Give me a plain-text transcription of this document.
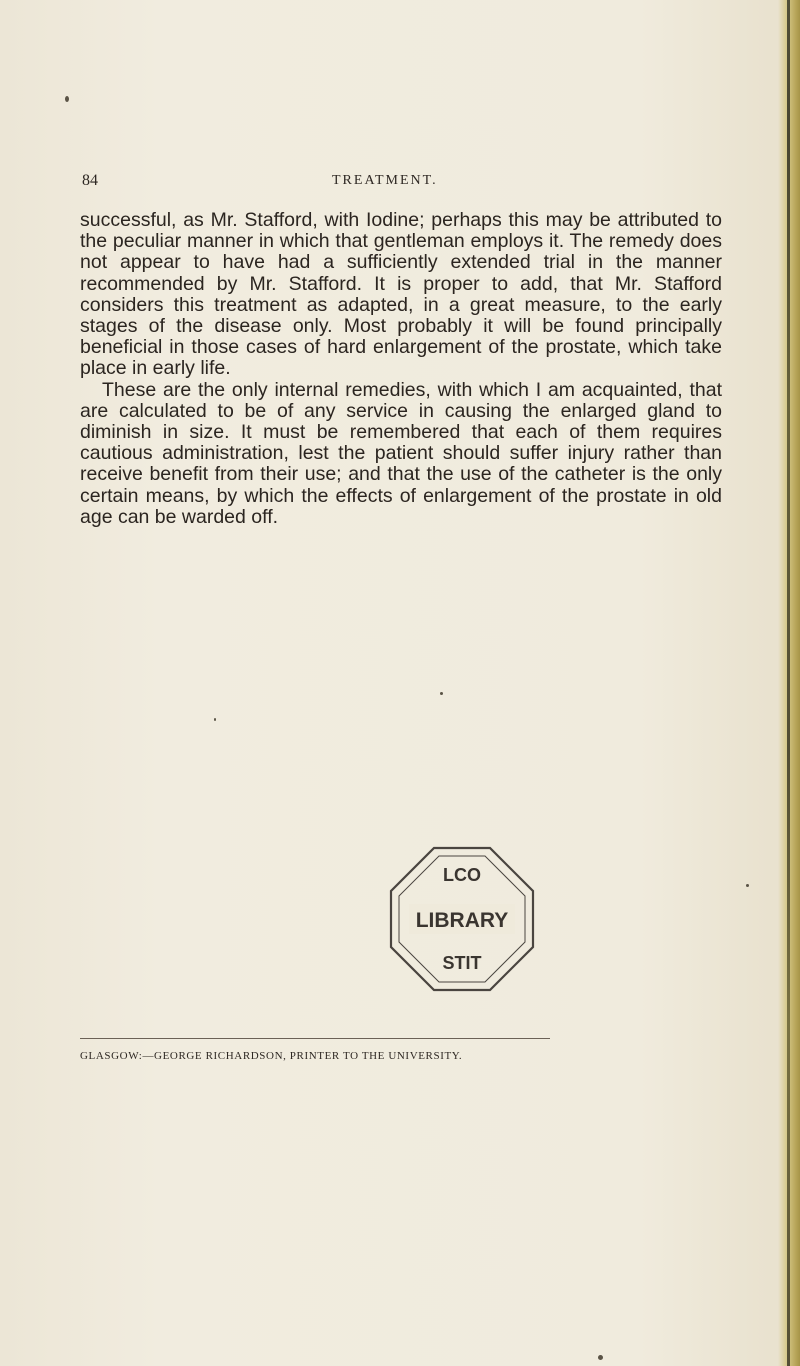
84	TREATMENT.

successful, as Mr. Stafford, with Iodine; perhaps this may be attributed to the peculiar manner in which that gentleman employs it. The remedy does not appear to have had a sufficiently extended trial in the manner recommended by Mr. Stafford. It is proper to add, that Mr. Stafford considers this treatment as adapted, in a great measure, to the early stages of the disease only. Most probably it will be found principally beneficial in those cases of hard enlargement of the prostate, which take place in early life.

These are the only internal remedies, with which I am acquainted, that are calculated to be of any service in causing the enlarged gland to diminish in size. It must be remembered that each of them requires cautious administration, lest the patient should suffer injury rather than receive benefit from their use; and that the use of the catheter is the only certain means, by which the effects of enlargement of the prostate in old age can be warded off.

LIBRARY
LCO
STIT
GLASGOW:—GEORGE RICHARDSON, PRINTER TO THE UNIVERSITY.
